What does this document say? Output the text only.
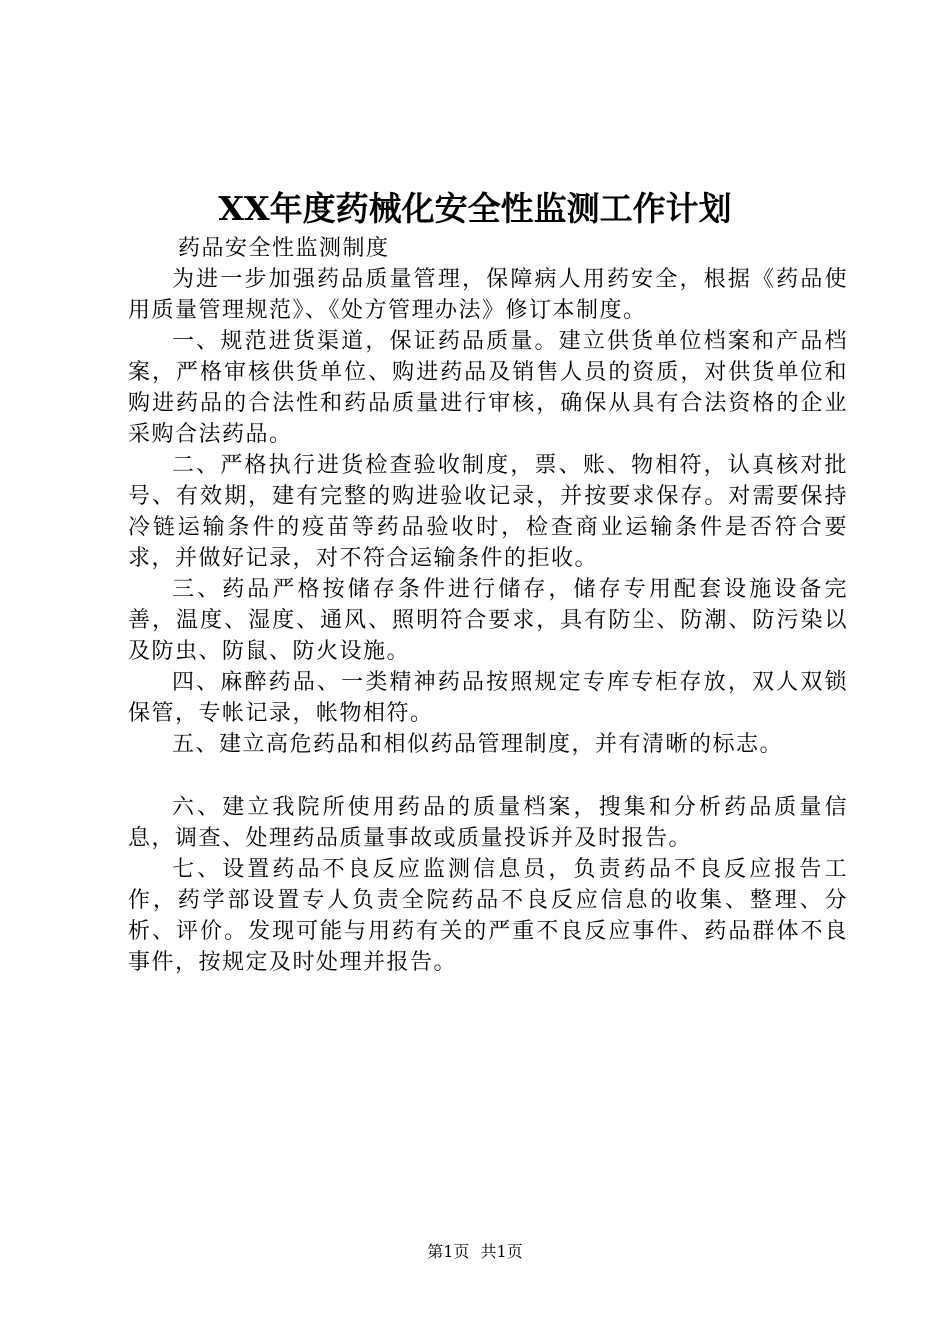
XX年度药械化安全性监测工作计划

药品安全性监测制度

为进一步加强药品质量管理，保障病人用药安全，根据《药品使用质量管理规范》、《处方管理办法》修订本制度。

一、规范进货渠道，保证药品质量。建立供货单位档案和产品档案，严格审核供货单位、购进药品及销售人员的资质，对供货单位和购进药品的合法性和药品质量进行审核，确保从具有合法资格的企业采购合法药品。

二、严格执行进货检查验收制度，票、账、物相符，认真核对批号、有效期，建有完整的购进验收记录，并按要求保存。对需要保持冷链运输条件的疫苗等药品验收时，检查商业运输条件是否符合要求，并做好记录，对不符合运输条件的拒收。

三、药品严格按储存条件进行储存，储存专用配套设施设备完善，温度、湿度、通风、照明符合要求，具有防尘、防潮、防污染以及防虫、防鼠、防火设施。

四、麻醉药品、一类精神药品按照规定专库专柜存放，双人双锁保管，专帐记录，帐物相符。

五、建立高危药品和相似药品管理制度，并有清晰的标志。

六、建立我院所使用药品的质量档案，搜集和分析药品质量信息，调查、处理药品质量事故或质量投诉并及时报告。

七、设置药品不良反应监测信息员，负责药品不良反应报告工作，药学部设置专人负责全院药品不良反应信息的收集、整理、分析、评价。发现可能与用药有关的严重不良反应事件、药品群体不良事件，按规定及时处理并报告。

第1页 共1页
